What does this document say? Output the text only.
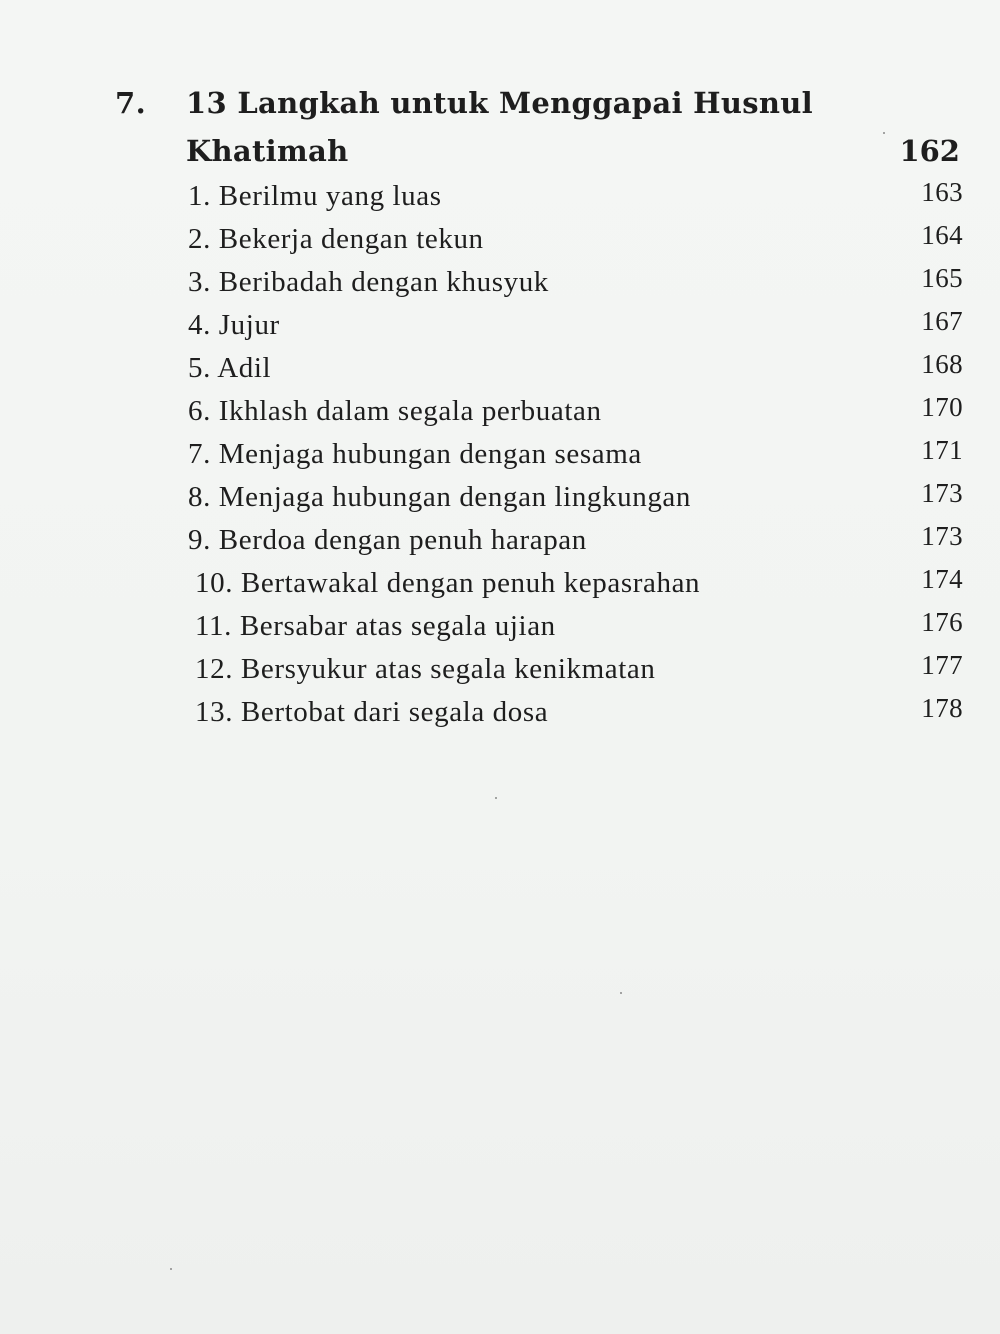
7. 13 Langkah untuk Menggapai Husnul
Khatimah	162
1. Berilmu yang luas	163
2. Bekerja dengan tekun	164
3. Beribadah dengan khusyuk	165
4. Jujur	167
5. Adil	168
6. Ikhlash dalam segala perbuatan	170
7. Menjaga hubungan dengan sesama	171
8. Menjaga hubungan dengan lingkungan	173
9. Berdoa dengan penuh harapan	173
10. Bertawakal dengan penuh kepasrahan	174
11. Bersabar atas segala ujian	176
12. Bersyukur atas segala kenikmatan	177
13. Bertobat dari segala dosa	178
